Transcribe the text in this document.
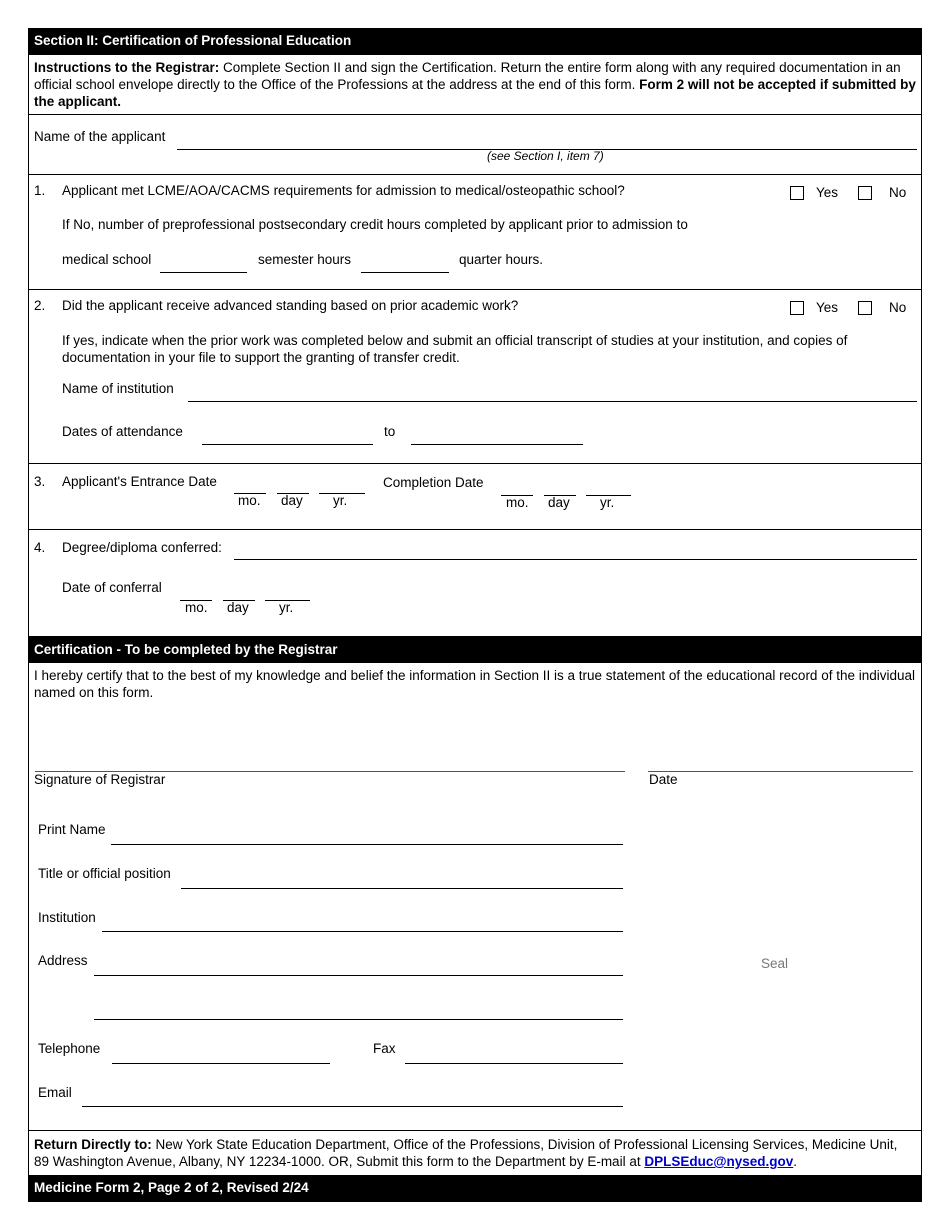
Section II: Certification of Professional Education
Instructions to the Registrar: Complete Section II and sign the Certification. Return the entire form along with any required documentation in an official school envelope directly to the Office of the Professions at the address at the end of this form. Form 2 will not be accepted if submitted by the applicant.
Name of the applicant
(see Section I, item 7)
1. Applicant met LCME/AOA/CACMS requirements for admission to medical/osteopathic school?	Yes	No
If No, number of preprofessional postsecondary credit hours completed by applicant prior to admission to
medical school	semester hours	quarter hours.
2. Did the applicant receive advanced standing based on prior academic work?	Yes	No
If yes, indicate when the prior work was completed below and submit an official transcript of studies at your institution, and copies of documentation in your file to support the granting of transfer credit.
Name of institution
Dates of attendance	to
3. Applicant's Entrance Date
mo. day yr.
Completion Date
mo. day yr.
4. Degree/diploma conferred:
Date of conferral
mo. day yr.
Certification - To be completed by the Registrar
I hereby certify that to the best of my knowledge and belief the information in Section II is a true statement of the educational record of the individual named on this form.
Signature of Registrar	Date
Print Name
Title or official position
Institution
Address	Seal
Telephone	Fax
Email
Return Directly to: New York State Education Department, Office of the Professions, Division of Professional Licensing Services, Medicine Unit, 89 Washington Avenue, Albany, NY 12234-1000. OR, Submit this form to the Department by E-mail at DPLSEduc@nysed.gov.
Medicine Form 2, Page 2 of 2, Revised 2/24
